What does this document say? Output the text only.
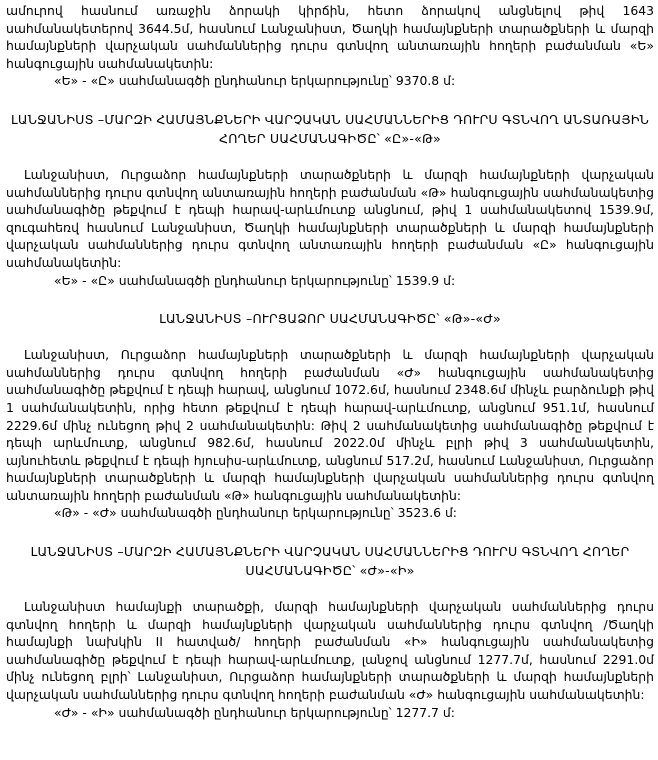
ամուրով հասնում առաջին ձորակի կիրճին, հետո ձորակով անցնելով թիվ 1643 սահմանակետերով 3644.5մ, հասնում Լանջանիստ, Ծաղկի համայնքների տարածքների և մարզի համայնքների վարչական սահմաններից դուրս գտնվող անտառային հողերի բաժանման «Ե» հանգուցային սահմանակետին:

«Ե» - «Ը» սահմանագծի ընդհանուր երկարությունը՝ 9370.8 մ:

ԼԱՆՋԱՆԻՍՏ –ՄԱՐԶԻ ՀԱՄԱՅՆՔՆԵՐԻ ՎԱՐՉԱԿԱՆ ՍԱՀՄԱՆՆԵՐԻՑ ԴՈՒՐՍ ԳՏՆՎՈՂ ԱՆՏԱՌԱՅԻՆ ՀՈՂԵՐ ՍԱՀՄԱՆԱԳԻԾԸ՝ «Ը»-«Թ»

Լանջանիստ, Ուրցաձոր համայնքների տարածքների և մարզի համայնքների վարչական սահմաններից դուրս գտնվող անտառային հողերի բաժանման «Թ» հանգուցային սահմանակետից սահմանագիծը թեքվում է դեպի հարավ-արևմուտք անցնում, թիվ 1 սահմանակետով 1539.9մ, զուգահեռվ հասնում Լանջանիստ, Ծաղկի համայնքների տարածքների և մարզի համայնքների վարչական սահմաններից դուրս գտնվող անտառային հողերի բաժանման «Ը» հանգուցային սահմանակետին:

«Ե» - «Ը» սահմանագծի ընդհանուր երկարությունը՝ 1539.9 մ:

ԼԱՆՋԱՆԻՍՏ –ՈՒՐՑԱՁՈՐ ՍԱՀՄԱՆԱԳԻԾԸ՝ «Թ»-«Ժ»

Լանջանիստ, Ուրցաձոր համայնքների տարածքների և մարզի համայնքների վարչական սահմաններից դուրս գտնվող հողերի բաժանման «Ժ» հանգուցային սահմանակետից սահմանագիծը թեքվում է դեպի հարավ, անցնում 1072.6մ, հասնում 2348.6մ մինչև բարձունքի թիվ 1 սահմանակետին, որից հետո թեքվում է դեպի հարավ-արևմուտք, անցնում 951.1մ, հասնում 2229.6մ մինչ ունեցող թիվ 2 սահմանակետին: Թիվ 2 սահմանակետից սահմանագիծը թեքվում է դեպի արևմուտք, անցնում 982.6մ, հասնում 2022.0մ մինչև բլրի թիվ 3 սահմանակետին, այնուհետև թեքվում է դեպի հյուսիս-արևմուտք, անցնում 517.2մ, հասնում Լանջանիստ, Ուրցաձոր համայնքների տարածքների և մարզի համայնքների վարչական սահմաններից դուրս գտնվող անտառային հողերի բաժանման «Թ» հանգուցային սահմանակետին:

«Թ» - «Ժ» սահմանագծի ընդհանուր երկարությունը՝ 3523.6 մ:

ԼԱՆՋԱՆԻՍՏ –ՄԱՐԶԻ ՀԱՄԱՅՆՔՆԵՐԻ ՎԱՐՉԱԿԱՆ ՍԱՀՄԱՆՆԵՐԻՑ ԴՈՒՐՍ ԳՏՆՎՈՂ ՀՈՂԵՐ ՍԱՀՄԱՆԱԳԻԾԸ՝ «Ժ»-«Ի»

Լանջանիստ համայնքի տարածքի, մարզի համայնքների վարչական սահմաններից դուրս գտնվող հողերի և մարզի համայնքների վարչական սահմաններից դուրս գտնվող /Ծաղկի համայնքի նախկին II հատված/ հողերի բաժանման «Ի» հանգուցային սահմանակետից սահմանագիծը թեքվում է դեպի հարավ-արևմուտք, լանջով անցնում 1277.7մ, հասնում 2291.0մ մինչ ունեցող բլրի՝ Լանջանիստ, Ուրցաձոր համայնքների տարածքների և մարզի համայնքների վարչական սահմաններից դուրս գտնվող հողերի բաժանման «Ժ» հանգուցային սահմանակետին:

«Ժ» - «Ի» սահմանագծի ընդհանուր երկարությունը՝ 1277.7 մ:
